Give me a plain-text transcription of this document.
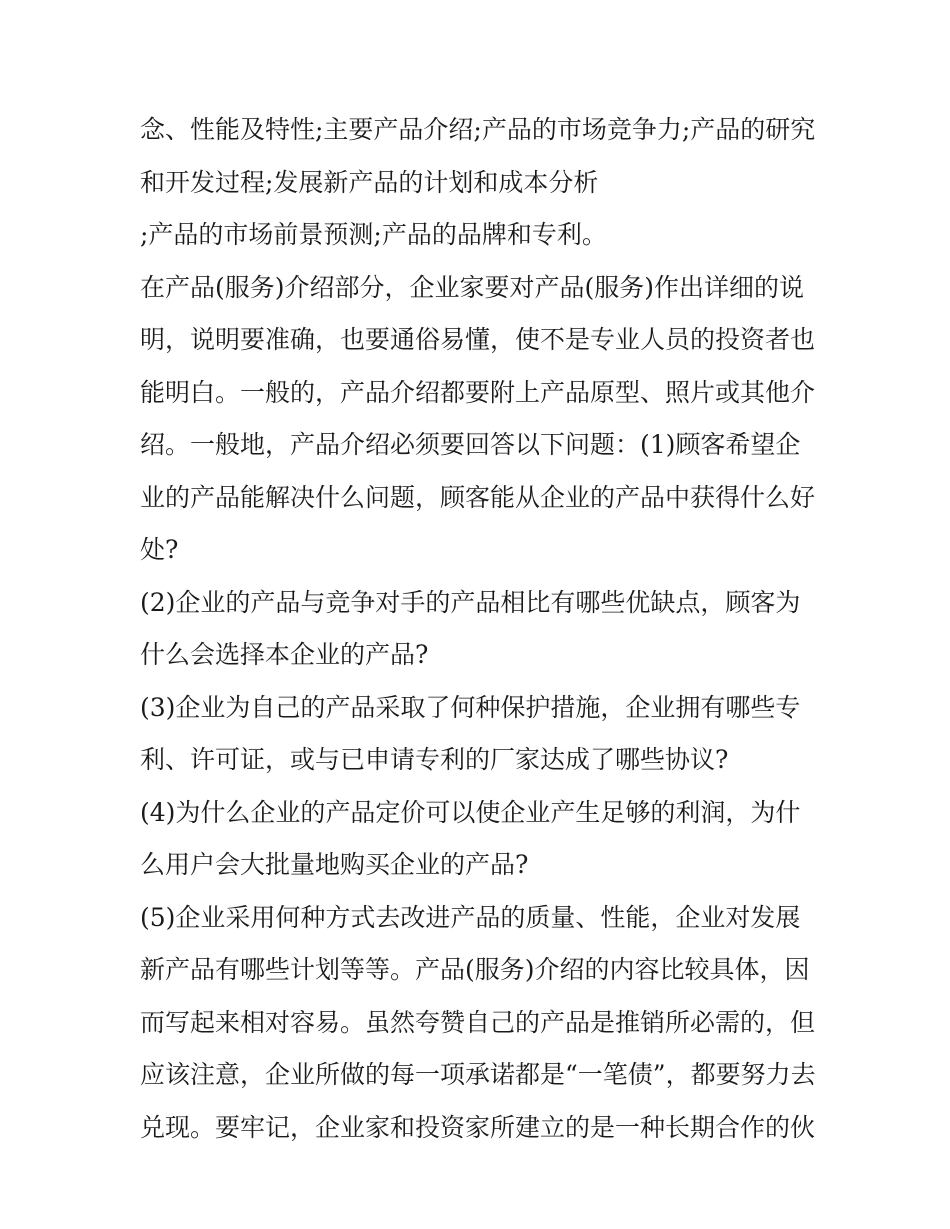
念、性能及特性;主要产品介绍;产品的市场竞争力;产品的研究

和开发过程;发展新产品的计划和成本分析

;产品的市场前景预测;产品的品牌和专利。

在产品(服务)介绍部分，企业家要对产品(服务)作出详细的说

明，说明要准确，也要通俗易懂，使不是专业人员的投资者也

能明白。一般的，产品介绍都要附上产品原型、照片或其他介

绍。一般地，产品介绍必须要回答以下问题：(1)顾客希望企

业的产品能解决什么问题，顾客能从企业的产品中获得什么好

处?

(2)企业的产品与竞争对手的产品相比有哪些优缺点，顾客为

什么会选择本企业的产品?

(3)企业为自己的产品采取了何种保护措施，企业拥有哪些专

利、许可证，或与已申请专利的厂家达成了哪些协议?

(4)为什么企业的产品定价可以使企业产生足够的利润，为什

么用户会大批量地购买企业的产品?

(5)企业采用何种方式去改进产品的质量、性能，企业对发展

新产品有哪些计划等等。产品(服务)介绍的内容比较具体，因

而写起来相对容易。虽然夸赞自己的产品是推销所必需的，但

应该注意，企业所做的每一项承诺都是“一笔债”，都要努力去

兑现。要牢记，企业家和投资家所建立的是一种长期合作的伙
